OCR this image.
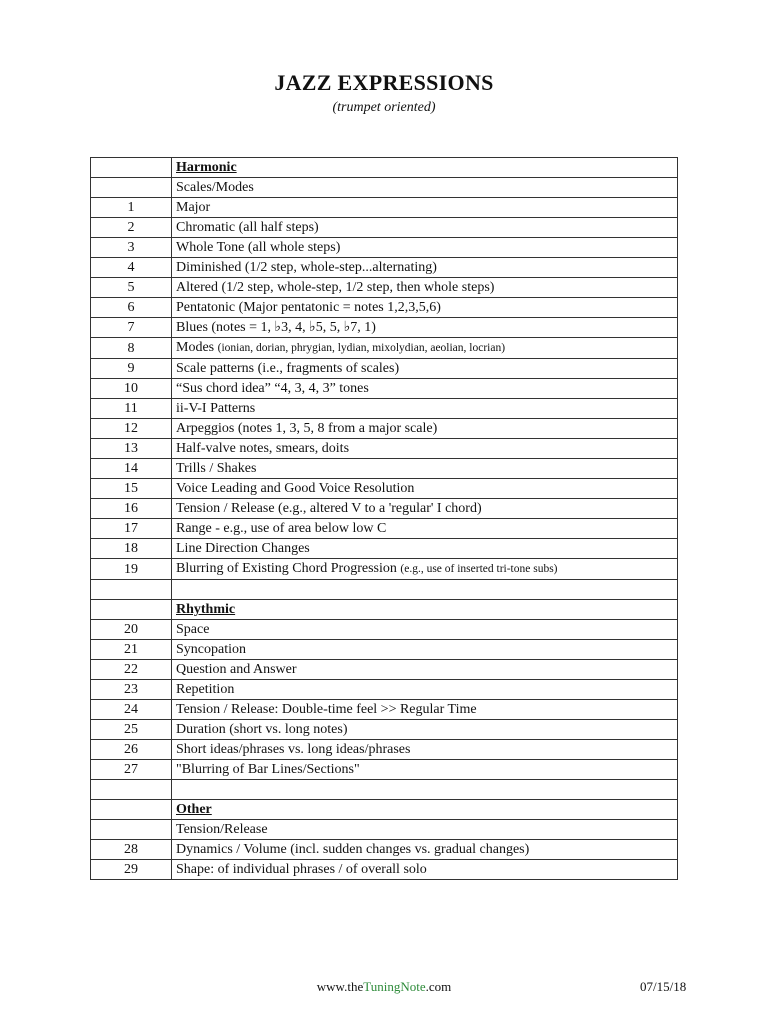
JAZZ EXPRESSIONS
(trumpet oriented)
	Harmonic
	Scales/Modes
1	Major
2	Chromatic (all half steps)
3	Whole Tone (all whole steps)
4	Diminished (1/2 step, whole-step...alternating)
5	Altered (1/2 step, whole-step, 1/2 step, then whole steps)
6	Pentatonic (Major pentatonic = notes 1,2,3,5,6)
7	Blues (notes = 1, ♭3, 4, ♭5, 5, ♭7, 1)
8	Modes (ionian, dorian, phrygian, lydian, mixolydian, aeolian, locrian)
9	Scale patterns (i.e., fragments of scales)
10	“Sus chord idea” “4, 3, 4, 3” tones
11	ii-V-I Patterns
12	Arpeggios (notes 1, 3, 5, 8 from a major scale)
13	Half-valve notes, smears, doits
14	Trills / Shakes
15	Voice Leading and Good Voice Resolution
16	Tension / Release (e.g., altered V to a 'regular' I chord)
17	Range - e.g., use of area below low C
18	Line Direction Changes
19	Blurring of Existing Chord Progression (e.g., use of inserted tri-tone subs)

	Rhythmic
20	Space
21	Syncopation
22	Question and Answer
23	Repetition
24	Tension / Release: Double-time feel >> Regular Time
25	Duration (short vs. long notes)
26	Short ideas/phrases vs. long ideas/phrases
27	"Blurring of Bar Lines/Sections"

	Other
	Tension/Release
28	Dynamics / Volume (incl. sudden changes vs. gradual changes)
29	Shape: of individual phrases / of overall solo
www.theTuningNote.com	07/15/18
